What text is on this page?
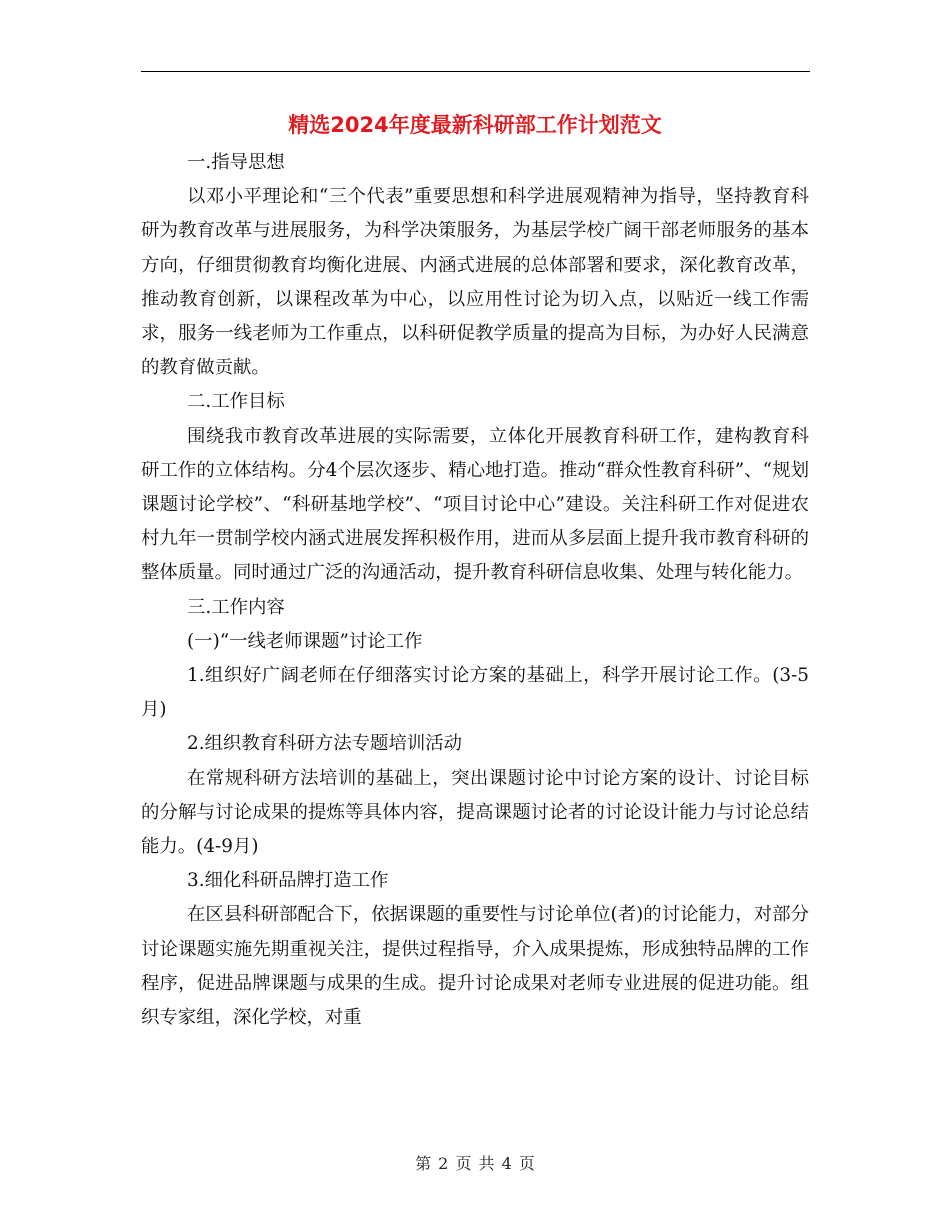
精选2024年度最新科研部工作计划范文

一.指导思想

以邓小平理论和“三个代表”重要思想和科学进展观精神为指导，坚持教育科研为教育改革与进展服务，为科学决策服务，为基层学校广阔干部老师服务的基本方向，仔细贯彻教育均衡化进展、内涵式进展的总体部署和要求，深化教育改革，推动教育创新，以课程改革为中心，以应用性讨论为切入点，以贴近一线工作需求，服务一线老师为工作重点，以科研促教学质量的提高为目标，为办好人民满意的教育做贡献。

二.工作目标

围绕我市教育改革进展的实际需要，立体化开展教育科研工作，建构教育科研工作的立体结构。分4个层次逐步、精心地打造。推动“群众性教育科研”、“规划课题讨论学校”、“科研基地学校”、“项目讨论中心”建设。关注科研工作对促进农村九年一贯制学校内涵式进展发挥积极作用，进而从多层面上提升我市教育科研的整体质量。同时通过广泛的沟通活动，提升教育科研信息收集、处理与转化能力。

三.工作内容

(一)“一线老师课题”讨论工作

1.组织好广阔老师在仔细落实讨论方案的基础上，科学开展讨论工作。(3-5月)

2.组织教育科研方法专题培训活动

在常规科研方法培训的基础上，突出课题讨论中讨论方案的设计、讨论目标的分解与讨论成果的提炼等具体内容，提高课题讨论者的讨论设计能力与讨论总结能力。(4-9月)

3.细化科研品牌打造工作

在区县科研部配合下，依据课题的重要性与讨论单位(者)的讨论能力，对部分讨论课题实施先期重视关注，提供过程指导，介入成果提炼，形成独特品牌的工作程序，促进品牌课题与成果的生成。提升讨论成果对老师专业进展的促进功能。组织专家组，深化学校，对重

第 2 页 共 4 页
